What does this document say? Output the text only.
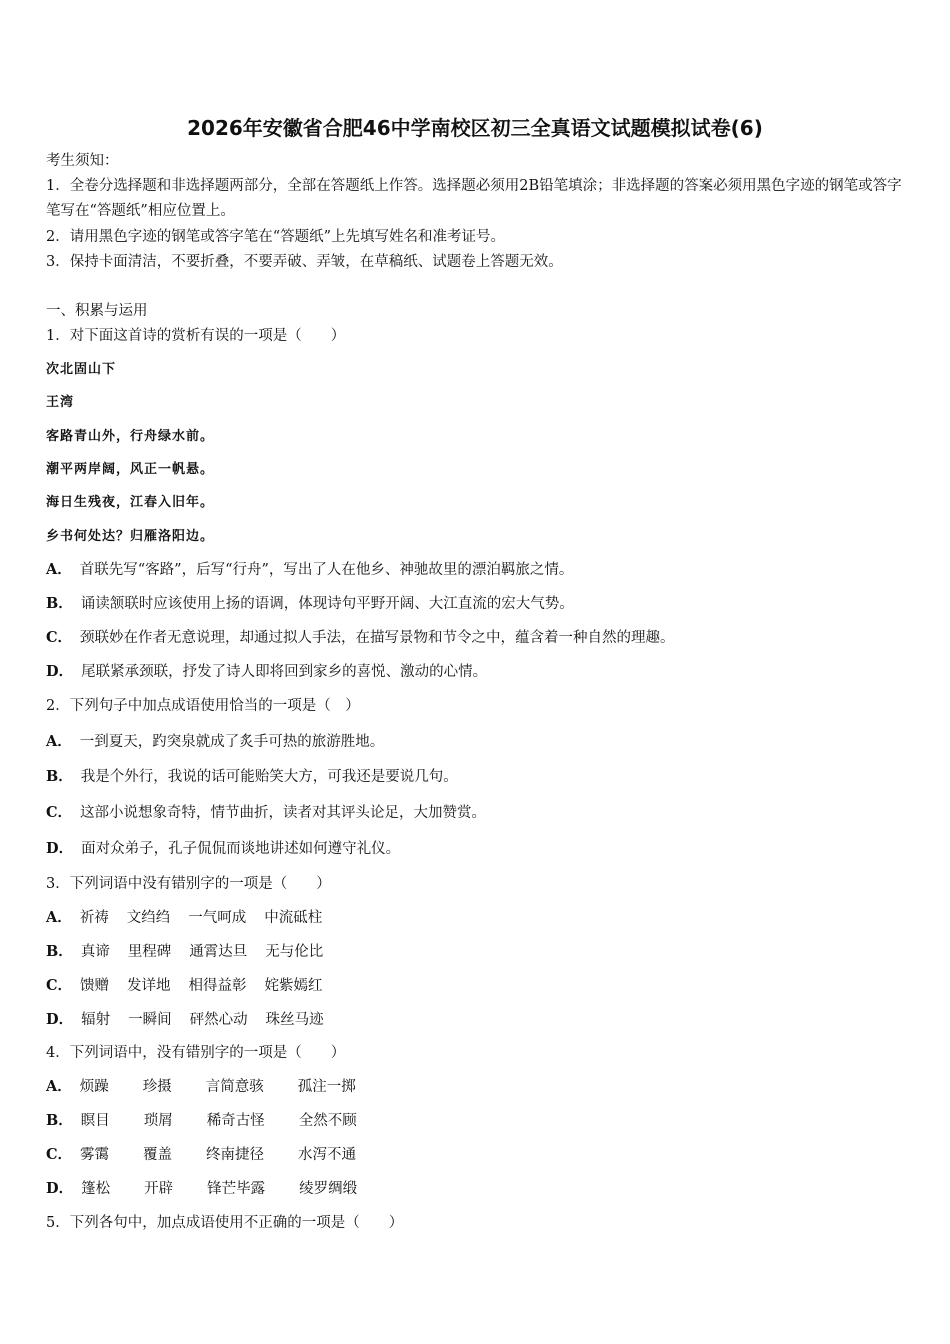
2026年安徽省合肥46中学南校区初三全真语文试题模拟试卷(6)
考生须知：
1．全卷分选择题和非选择题两部分，全部在答题纸上作答。选择题必须用2B铅笔填涂；非选择题的答案必须用黑色字迹的钢笔或答字笔写在“答题纸”相应位置上。
2．请用黑色字迹的钢笔或答字笔在“答题纸”上先填写姓名和准考证号。
3．保持卡面清洁，不要折叠，不要弄破、弄皱，在草稿纸、试题卷上答题无效。
一、积累与运用
1．对下面这首诗的赏析有误的一项是（　　）
次北固山下
王湾
客路青山外，行舟绿水前。
潮平两岸阔，风正一帆悬。
海日生残夜，江春入旧年。
乡书何处达？归雁洛阳边。
A． 首联先写“客路”，后写“行舟”，写出了人在他乡、神驰故里的漂泊羁旅之情。
B． 诵读颔联时应该使用上扬的语调，体现诗句平野开阔、大江直流的宏大气势。
C． 颈联妙在作者无意说理，却通过拟人手法，在描写景物和节令之中，蕴含着一种自然的理趣。
D． 尾联紧承颈联，抒发了诗人即将回到家乡的喜悦、激动的心情。
2．下列句子中加点成语使用恰当的一项是（　）
A． 一到夏天，趵突泉就成了炙手可热的旅游胜地。
B． 我是个外行，我说的话可能贻笑大方，可我还是要说几句。
C． 这部小说想象奇特，情节曲折，读者对其评头论足，大加赞赏。
D． 面对众弟子，孔子侃侃而谈地讲述如何遵守礼仪。
3．下列词语中没有错别字的一项是（　　）
A． 祈祷 文绉绉 一气呵成 中流砥柱
B． 真谛 里程碑 通霄达旦 无与伦比
C． 馈赠 发详地 相得益彰 姹紫嫣红
D． 辐射 一瞬间 砰然心动 珠丝马迹
4．下列词语中，没有错别字的一项是（　　）
A． 烦躁 珍摄 言简意骇 孤注一掷
B． 瞑目 琐屑 稀奇古怪 全然不顾
C． 雾霭 覆盖 终南捷径 水泻不通
D． 篷松 开辟 锋芒毕露 绫罗绸缎
5．下列各句中，加点成语使用不正确的一项是（　　）
